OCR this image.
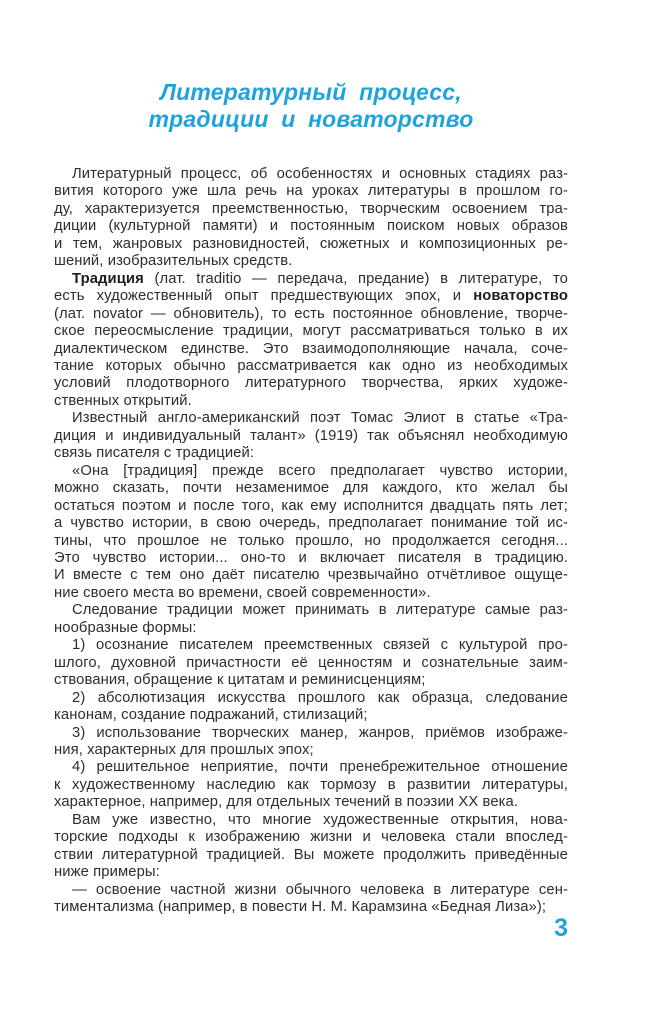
Литературный процесс,
традиции и новаторство
Литературный процесс, об особенностях и основных стадиях раз-
вития которого уже шла речь на уроках литературы в прошлом го-
ду, характеризуется преемственностью, творческим освоением тра-
диции (культурной памяти) и постоянным поиском новых образов
и тем, жанровых разновидностей, сюжетных и композиционных ре-
шений, изобразительных средств.
Традиция (лат. traditio — передача, предание) в литературе, то
есть художественный опыт предшествующих эпох, и новаторство
(лат. novator — обновитель), то есть постоянное обновление, творче-
ское переосмысление традиции, могут рассматриваться только в их
диалектическом единстве. Это взаимодополняющие начала, соче-
тание которых обычно рассматривается как одно из необходимых
условий плодотворного литературного творчества, ярких художе-
ственных открытий.
Известный англо-американский поэт Томас Элиот в статье «Тра-
диция и индивидуальный талант» (1919) так объяснял необходимую
связь писателя с традицией:
«Она [традиция] прежде всего предполагает чувство истории,
можно сказать, почти незаменимое для каждого, кто желал бы
остаться поэтом и после того, как ему исполнится двадцать пять лет;
а чувство истории, в свою очередь, предполагает понимание той ис-
тины, что прошлое не только прошло, но продолжается сегодня...
Это чувство истории... оно-то и включает писателя в традицию.
И вместе с тем оно даёт писателю чрезвычайно отчётливое ощуще-
ние своего места во времени, своей современности».
Следование традиции может принимать в литературе самые раз-
нообразные формы:
1) осознание писателем преемственных связей с культурой про-
шлого, духовной причастности её ценностям и сознательные заим-
ствования, обращение к цитатам и реминисценциям;
2) абсолютизация искусства прошлого как образца, следование
канонам, создание подражаний, стилизаций;
3) использование творческих манер, жанров, приёмов изображе-
ния, характерных для прошлых эпох;
4) решительное неприятие, почти пренебрежительное отношение
к художественному наследию как тормозу в развитии литературы,
характерное, например, для отдельных течений в поэзии XX века.
Вам уже известно, что многие художественные открытия, нова-
торские подходы к изображению жизни и человека стали впослед-
ствии литературной традицией. Вы можете продолжить приведённые
ниже примеры:
— освоение частной жизни обычного человека в литературе сен-
тиментализма (например, в повести Н. М. Карамзина «Бедная Лиза»);
3
